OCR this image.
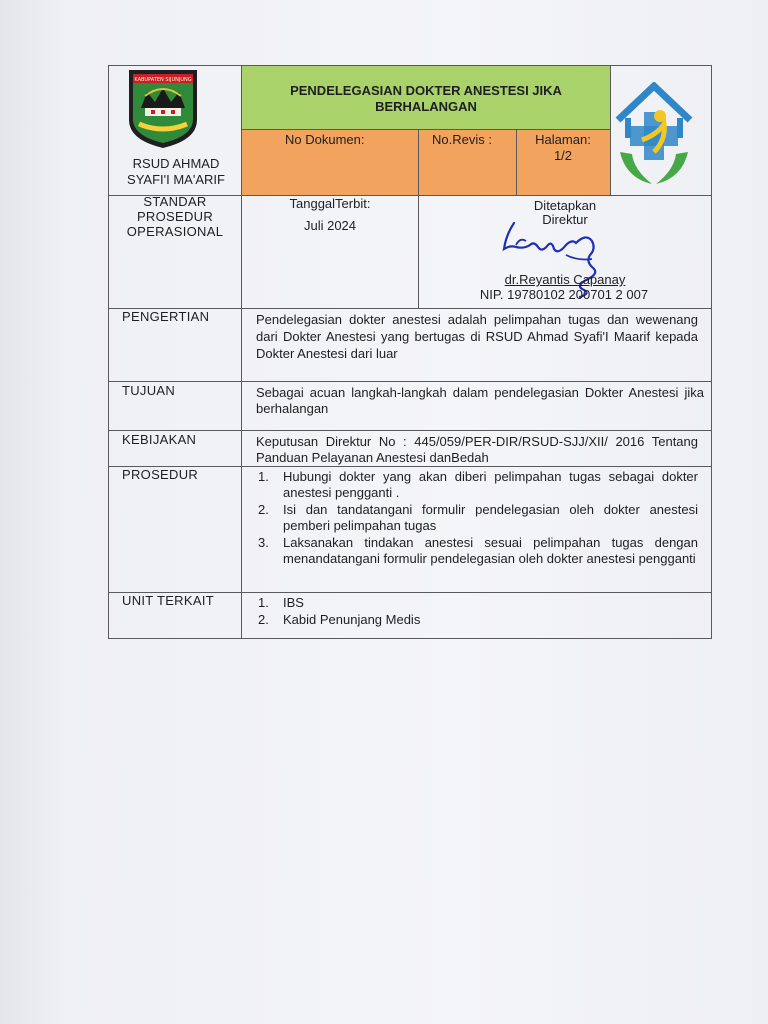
KABUPATEN SIJUNJUNG
RSUD AHMAD SYAFI'I MA'ARIF
PENDELEGASIAN DOKTER ANESTESI JIKA BERHALANGAN
No Dokumen:	No.Revis :	Halaman:
1/2
STANDAR PROSEDUR OPERASIONAL
TanggalTerbit:
Juli 2024
Ditetapkan
Direktur
dr.Reyantis Capanay
NIP. 19780102 200701 2 007
PENGERTIAN	Pendelegasian dokter anestesi adalah pelimpahan tugas dan wewenang dari Dokter Anestesi yang bertugas di RSUD Ahmad Syafi'I Maarif kepada Dokter Anestesi dari luar
TUJUAN	Sebagai acuan langkah-langkah dalam pendelegasian Dokter Anestesi jika berhalangan
KEBIJAKAN	Keputusan Direktur No : 445/059/PER-DIR/RSUD-SJJ/XII/ 2016 Tentang Panduan Pelayanan Anestesi danBedah
PROSEDUR	1. Hubungi dokter yang akan diberi pelimpahan tugas sebagai dokter anestesi pengganti .
2. Isi dan tandatangani formulir pendelegasian oleh dokter anestesi pemberi pelimpahan tugas
3. Laksanakan tindakan anestesi sesuai pelimpahan tugas dengan menandatangani formulir pendelegasian oleh dokter anestesi pengganti
UNIT TERKAIT	1. IBS
2. Kabid Penunjang Medis
